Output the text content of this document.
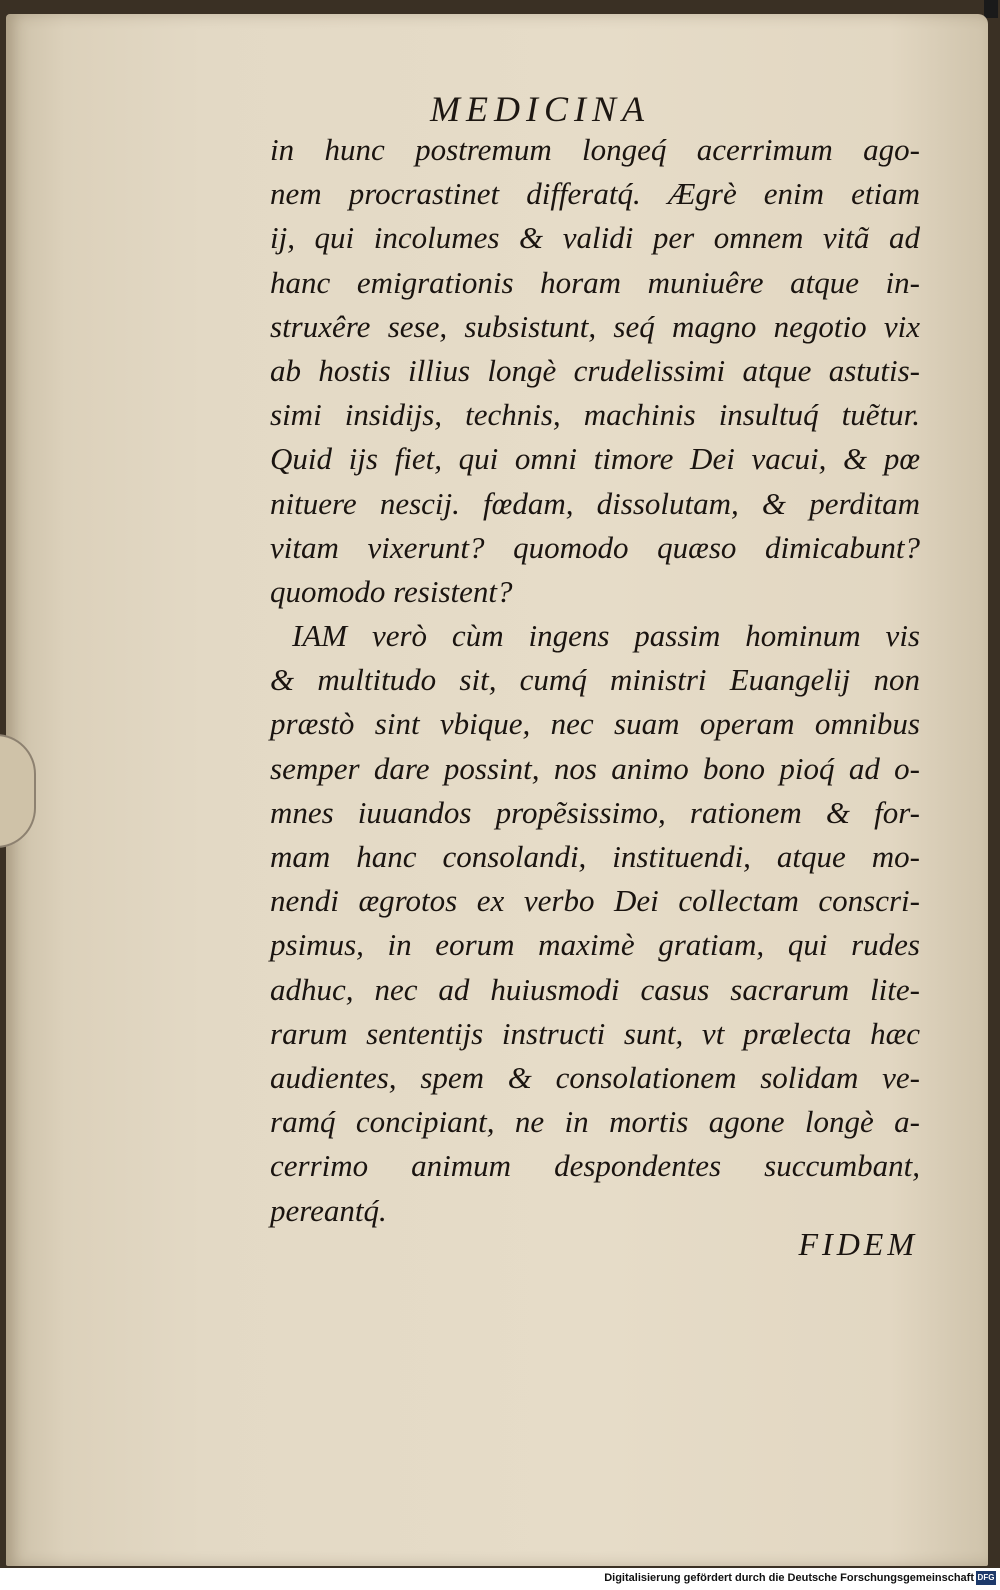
MEDICINA
in hunc postremum longeq́ acerrimum ago-
nem procrastinet differatq́. Ægrè enim etiam
ij, qui incolumes & validi per omnem vitã ad
hanc emigrationis horam muniuêre atque in-
struxêre sese, subsistunt, seq́ magno negotio vix
ab hostis illius longè crudelissimi atque astutis-
simi insidijs, technis, machinis insultuq́ tuẽtur.
Quid ijs fiet, qui omni timore Dei vacui, & pœ
nituere nescij. fœdam, dissolutam, & perditam
vitam vixerunt? quomodo quæso dimicabunt?
quomodo resistent?
IAM verò cùm ingens passim hominum vis
& multitudo sit, cumq́ ministri Euangelij non
præstò sint vbique, nec suam operam omnibus
semper dare possint, nos animo bono pioq́ ad o-
mnes iuuandos propẽsissimo, rationem & for-
mam hanc consolandi, instituendi, atque mo-
nendi ægrotos ex verbo Dei collectam conscri-
psimus, in eorum maximè gratiam, qui rudes
adhuc, nec ad huiusmodi casus sacrarum lite-
rarum sententijs instructi sunt, vt prælecta hæc
audientes, spem & consolationem solidam ve-
ramq́ concipiant, ne in mortis agone longè a-
cerrimo animum despondentes succumbant,
pereantq́.
FIDEM
Digitalisierung gefördert durch die Deutsche Forschungsgemeinschaft DFG
